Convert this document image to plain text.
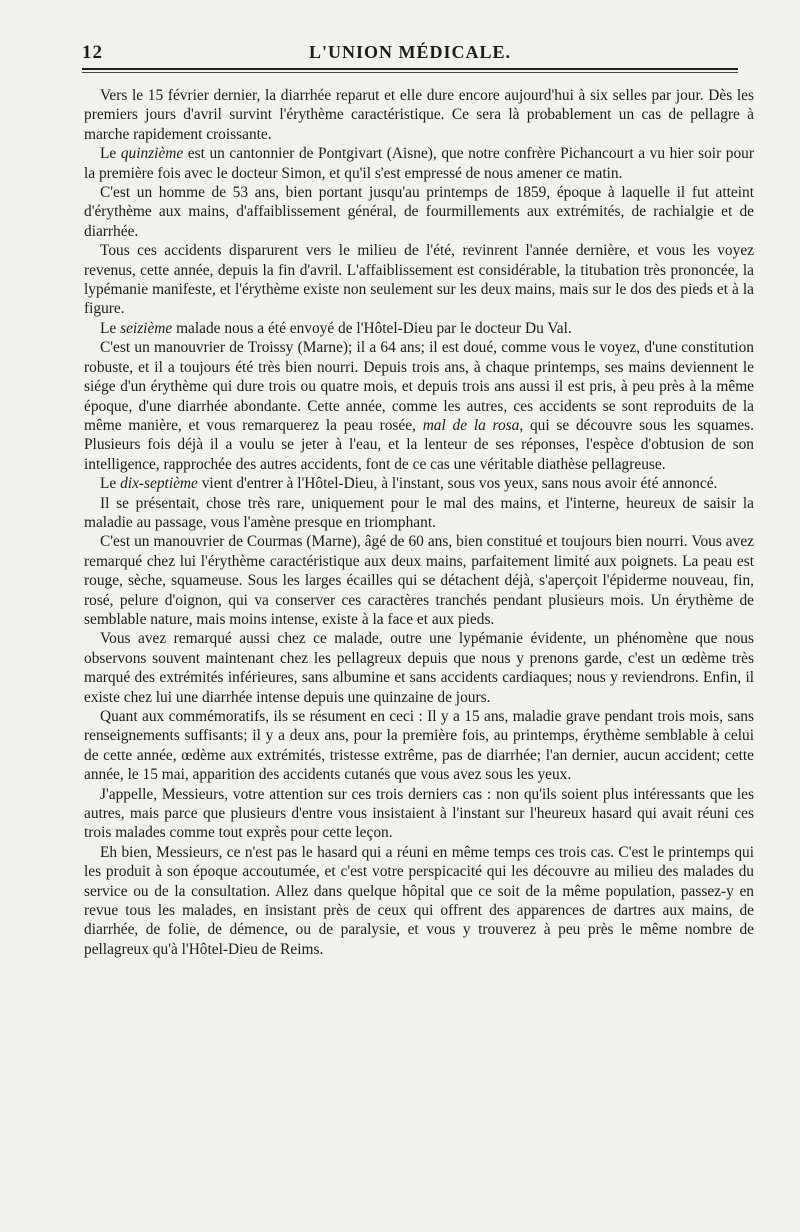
12	L'UNION MÉDICALE.

Vers le 15 février dernier, la diarrhée reparut et elle dure encore aujourd'hui à six selles par jour. Dès les premiers jours d'avril survint l'érythème caractéristique. Ce sera là probablement un cas de pellagre à marche rapidement croissante.

Le quinzième est un cantonnier de Pontgivart (Aisne), que notre confrère Pichancourt a vu hier soir pour la première fois avec le docteur Simon, et qu'il s'est empressé de nous amener ce matin.

C'est un homme de 53 ans, bien portant jusqu'au printemps de 1859, époque à laquelle il fut atteint d'érythème aux mains, d'affaiblissement général, de fourmillements aux extrémités, de rachialgie et de diarrhée.

Tous ces accidents disparurent vers le milieu de l'été, revinrent l'année dernière, et vous les voyez revenus, cette année, depuis la fin d'avril. L'affaiblissement est considérable, la titubation très prononcée, la lypémanie manifeste, et l'érythème existe non seulement sur les deux mains, mais sur le dos des pieds et à la figure.

Le seizième malade nous a été envoyé de l'Hôtel-Dieu par le docteur Du Val.

C'est un manouvrier de Troissy (Marne); il a 64 ans; il est doué, comme vous le voyez, d'une constitution robuste, et il a toujours été très bien nourri. Depuis trois ans, à chaque printemps, ses mains deviennent le siége d'un érythème qui dure trois ou quatre mois, et depuis trois ans aussi il est pris, à peu près à la même époque, d'une diarrhée abondante. Cette année, comme les autres, ces accidents se sont reproduits de la même manière, et vous remarquerez la peau rosée, mal de la rosa, qui se découvre sous les squames. Plusieurs fois déjà il a voulu se jeter à l'eau, et la lenteur de ses réponses, l'espèce d'obtusion de son intelligence, rapprochée des autres accidents, font de ce cas une véritable diathèse pellagreuse.

Le dix-septième vient d'entrer à l'Hôtel-Dieu, à l'instant, sous vos yeux, sans nous avoir été annoncé.

Il se présentait, chose très rare, uniquement pour le mal des mains, et l'interne, heureux de saisir la maladie au passage, vous l'amène presque en triomphant.

C'est un manouvrier de Courmas (Marne), âgé de 60 ans, bien constitué et toujours bien nourri. Vous avez remarqué chez lui l'érythème caractéristique aux deux mains, parfaitement limité aux poignets. La peau est rouge, sèche, squameuse. Sous les larges écailles qui se détachent déjà, s'aperçoit l'épiderme nouveau, fin, rosé, pelure d'oignon, qui va conserver ces caractères tranchés pendant plusieurs mois. Un érythème de semblable nature, mais moins intense, existe à la face et aux pieds.

Vous avez remarqué aussi chez ce malade, outre une lypémanie évidente, un phénomène que nous observons souvent maintenant chez les pellagreux depuis que nous y prenons garde, c'est un œdème très marqué des extrémités inférieures, sans albumine et sans accidents cardiaques; nous y reviendrons. Enfin, il existe chez lui une diarrhée intense depuis une quinzaine de jours.

Quant aux commémoratifs, ils se résument en ceci : Il y a 15 ans, maladie grave pendant trois mois, sans renseignements suffisants; il y a deux ans, pour la première fois, au printemps, érythème semblable à celui de cette année, œdème aux extrémités, tristesse extrême, pas de diarrhée; l'an dernier, aucun accident; cette année, le 15 mai, apparition des accidents cutanés que vous avez sous les yeux.

J'appelle, Messieurs, votre attention sur ces trois derniers cas : non qu'ils soient plus intéressants que les autres, mais parce que plusieurs d'entre vous insistaient à l'instant sur l'heureux hasard qui avait réuni ces trois malades comme tout exprès pour cette leçon.

Eh bien, Messieurs, ce n'est pas le hasard qui a réuni en même temps ces trois cas. C'est le printemps qui les produit à son époque accoutumée, et c'est votre perspicacité qui les découvre au milieu des malades du service ou de la consultation. Allez dans quelque hôpital que ce soit de la même population, passez-y en revue tous les malades, en insistant près de ceux qui offrent des apparences de dartres aux mains, de diarrhée, de folie, de démence, ou de paralysie, et vous y trouverez à peu près le même nombre de pellagreux qu'à l'Hôtel-Dieu de Reims.
